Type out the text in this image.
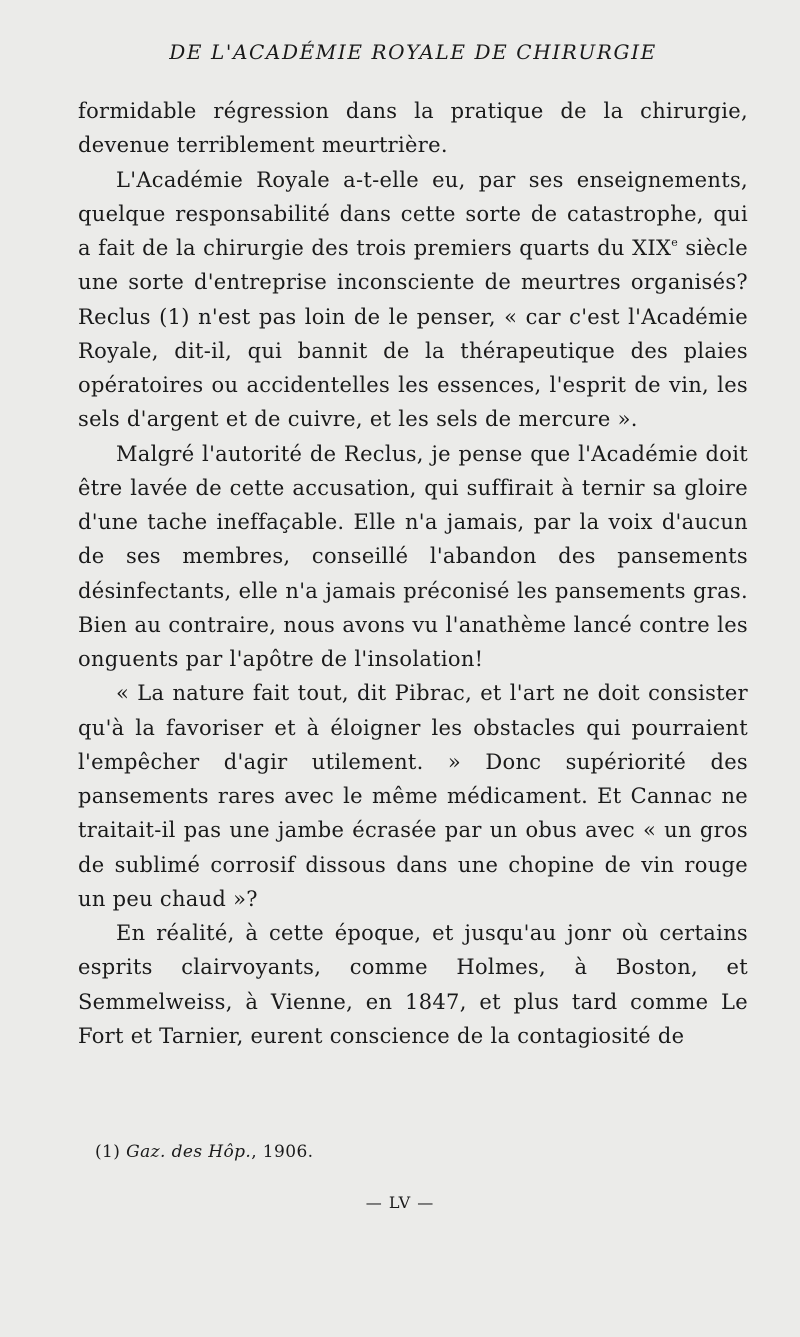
DE L'ACADÉMIE ROYALE DE CHIRURGIE

formidable régression dans la pratique de la chirurgie, devenue terriblement meurtrière.

L'Académie Royale a-t-elle eu, par ses enseignements, quelque responsabilité dans cette sorte de catastrophe, qui a fait de la chirurgie des trois premiers quarts du XIXe siècle une sorte d'entreprise inconsciente de meurtres organisés? Reclus (1) n'est pas loin de le penser, « car c'est l'Académie Royale, dit-il, qui bannit de la thérapeutique des plaies opératoires ou accidentelles les essences, l'esprit de vin, les sels d'argent et de cuivre, et les sels de mercure ».

Malgré l'autorité de Reclus, je pense que l'Académie doit être lavée de cette accusation, qui suffirait à ternir sa gloire d'une tache ineffaçable. Elle n'a jamais, par la voix d'aucun de ses membres, conseillé l'abandon des pansements désinfectants, elle n'a jamais préconisé les pansements gras. Bien au contraire, nous avons vu l'anathème lancé contre les onguents par l'apôtre de l'insolation!

« La nature fait tout, dit Pibrac, et l'art ne doit consister qu'à la favoriser et à éloigner les obstacles qui pourraient l'empêcher d'agir utilement. » Donc supériorité des pansements rares avec le même médicament. Et Cannac ne traitait-il pas une jambe écrasée par un obus avec « un gros de sublimé corrosif dissous dans une chopine de vin rouge un peu chaud »?

En réalité, à cette époque, et jusqu'au jonr où certains esprits clairvoyants, comme Holmes, à Boston, et Semmelweiss, à Vienne, en 1847, et plus tard comme Le Fort et Tarnier, eurent conscience de la contagiosité de

(1) Gaz. des Hôp., 1906.
— LV —
